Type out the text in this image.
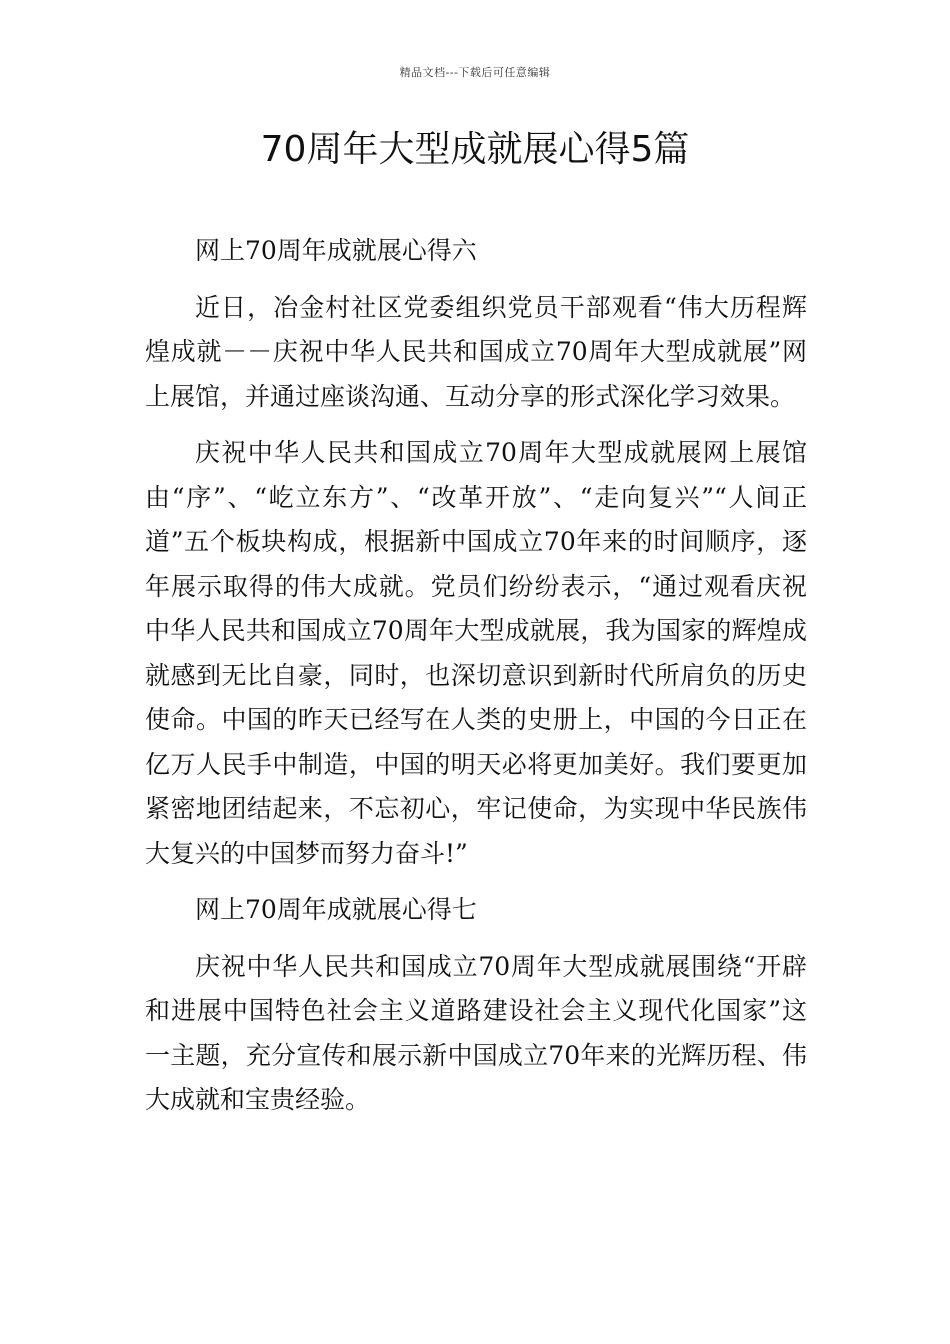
精品文档---下载后可任意编辑
70周年大型成就展心得5篇

网上70周年成就展心得六

近日，冶金村社区党委组织党员干部观看“伟大历程辉煌成就－－庆祝中华人民共和国成立70周年大型成就展”网上展馆，并通过座谈沟通、互动分享的形式深化学习效果。

庆祝中华人民共和国成立70周年大型成就展网上展馆由“序”、“屹立东方”、“改革开放”、“走向复兴”“人间正道”五个板块构成，根据新中国成立70年来的时间顺序，逐年展示取得的伟大成就。党员们纷纷表示，“通过观看庆祝中华人民共和国成立70周年大型成就展，我为国家的辉煌成就感到无比自豪，同时，也深切意识到新时代所肩负的历史使命。中国的昨天已经写在人类的史册上，中国的今日正在亿万人民手中制造，中国的明天必将更加美好。我们要更加紧密地团结起来，不忘初心，牢记使命，为实现中华民族伟大复兴的中国梦而努力奋斗!”

网上70周年成就展心得七

庆祝中华人民共和国成立70周年大型成就展围绕“开辟和进展中国特色社会主义道路建设社会主义现代化国家”这一主题，充分宣传和展示新中国成立70年来的光辉历程、伟大成就和宝贵经验。
